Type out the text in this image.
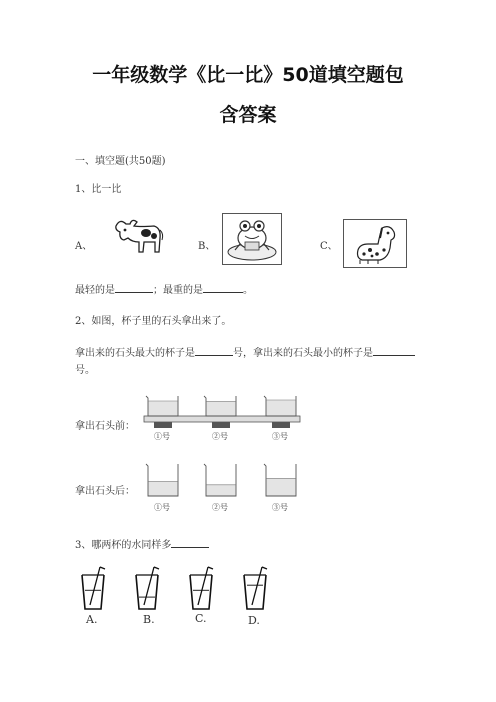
一年级数学《比一比》50道填空题包
含答案
一、填空题(共50题)
1、比一比
A、	B、	C、
最轻的是	；最重的是	。
2、如图，杯子里的石头拿出来了。
拿出来的石头最大的杯子是	号，拿出来的石头最小的杯子是
号。
拿出石头前：
①号	②号	③号
拿出石头后：
①号	②号	③号
3、哪两杯的水同样多
A.	B.	C.	D.
